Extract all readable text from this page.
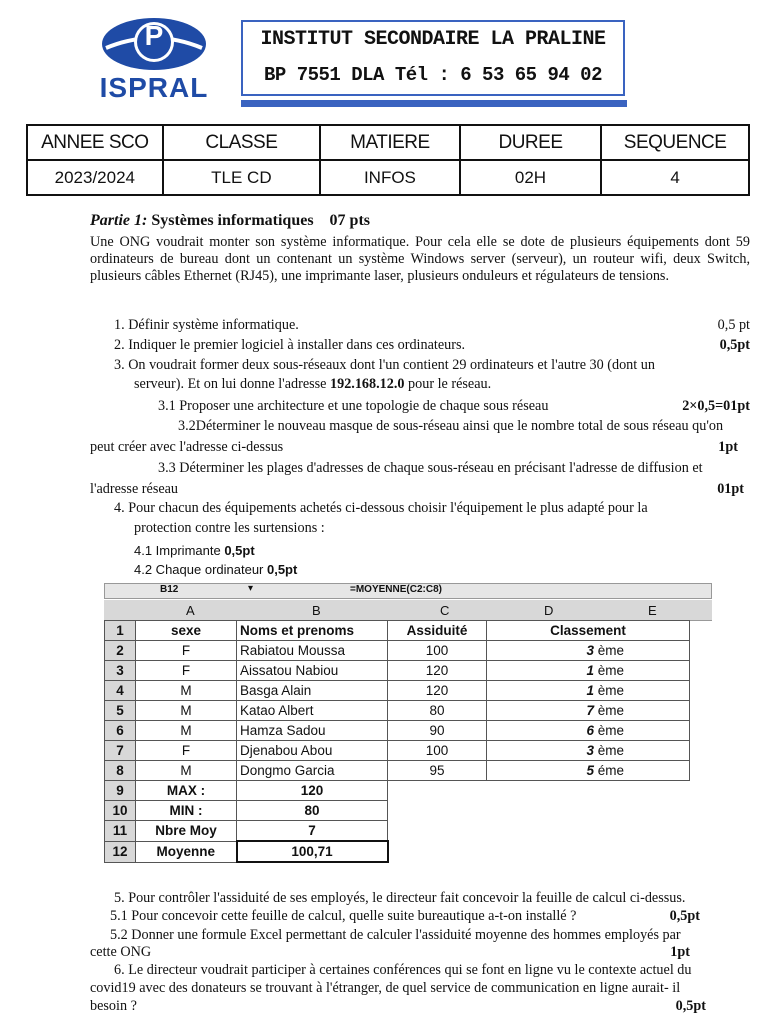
P
ISPRAL
INSTITUT SECONDAIRE LA PRALINE
BP 7551 DLA Tél : 6 53 65 94 02
ANNEE SCO	CLASSE	MATIERE	DUREE	SEQUENCE
2023/2024	TLE CD	INFOS	02H	4
Partie 1: Systèmes informatiques 07 pts
Une ONG voudrait monter son système informatique. Pour cela elle se dote de plusieurs équipements dont 59 ordinateurs de bureau dont un contenant un système Windows server (serveur), un routeur wifi, deux Switch, plusieurs câbles Ethernet (RJ45), une imprimante laser, plusieurs onduleurs et régulateurs de tensions.
1. Définir système informatique.	0,5 pt
2. Indiquer le premier logiciel à installer dans ces ordinateurs.	0,5pt
3. On voudrait former deux sous-réseaux dont l'un contient 29 ordinateurs et l'autre 30 (dont un
serveur). Et on lui donne l'adresse 192.168.12.0 pour le réseau.
3.1 Proposer une architecture et une topologie de chaque sous réseau	2×0,5=01pt
3.2Déterminer le nouveau masque de sous-réseau ainsi que le nombre total de sous réseau qu'on
peut créer avec l'adresse ci-dessus	1pt
3.3 Déterminer les plages d'adresses de chaque sous-réseau en précisant l'adresse de diffusion et
l'adresse réseau	01pt
4. Pour chacun des équipements achetés ci-dessous choisir l'équipement le plus adapté pour la
protection contre les surtensions :
4.1 Imprimante 0,5pt
4.2 Chaque ordinateur 0,5pt
B12	▾	=MOYENNE(C2:C8)
A	B	C	D	E
1	sexe	Noms et prenoms	Assiduité	Classement
2	F	Rabiatou Moussa	100	3 ème
3	F	Aissatou Nabiou	120	1 ème
4	M	Basga Alain	120	1 ème
5	M	Katao Albert	80	7 ème
6	M	Hamza Sadou	90	6 ème
7	F	Djenabou Abou	100	3 ème
8	M	Dongmo Garcia	95	5 éme
9	MAX :	120		
10	MIN :	80		
11	Nbre Moy	7		
12	Moyenne	100,71		
5. Pour contrôler l'assiduité de ses employés, le directeur fait concevoir la feuille de calcul ci-dessus.
5.1 Pour concevoir cette feuille de calcul, quelle suite bureautique a-t-on installé ?	0,5pt
5.2 Donner une formule Excel permettant de calculer l'assiduité moyenne des hommes employés par
cette ONG	1pt
6. Le directeur voudrait participer à certaines conférences qui se font en ligne vu le contexte actuel du
covid19 avec des donateurs se trouvant à l'étranger, de quel service de communication en ligne aurait- il
besoin ?	0,5pt
